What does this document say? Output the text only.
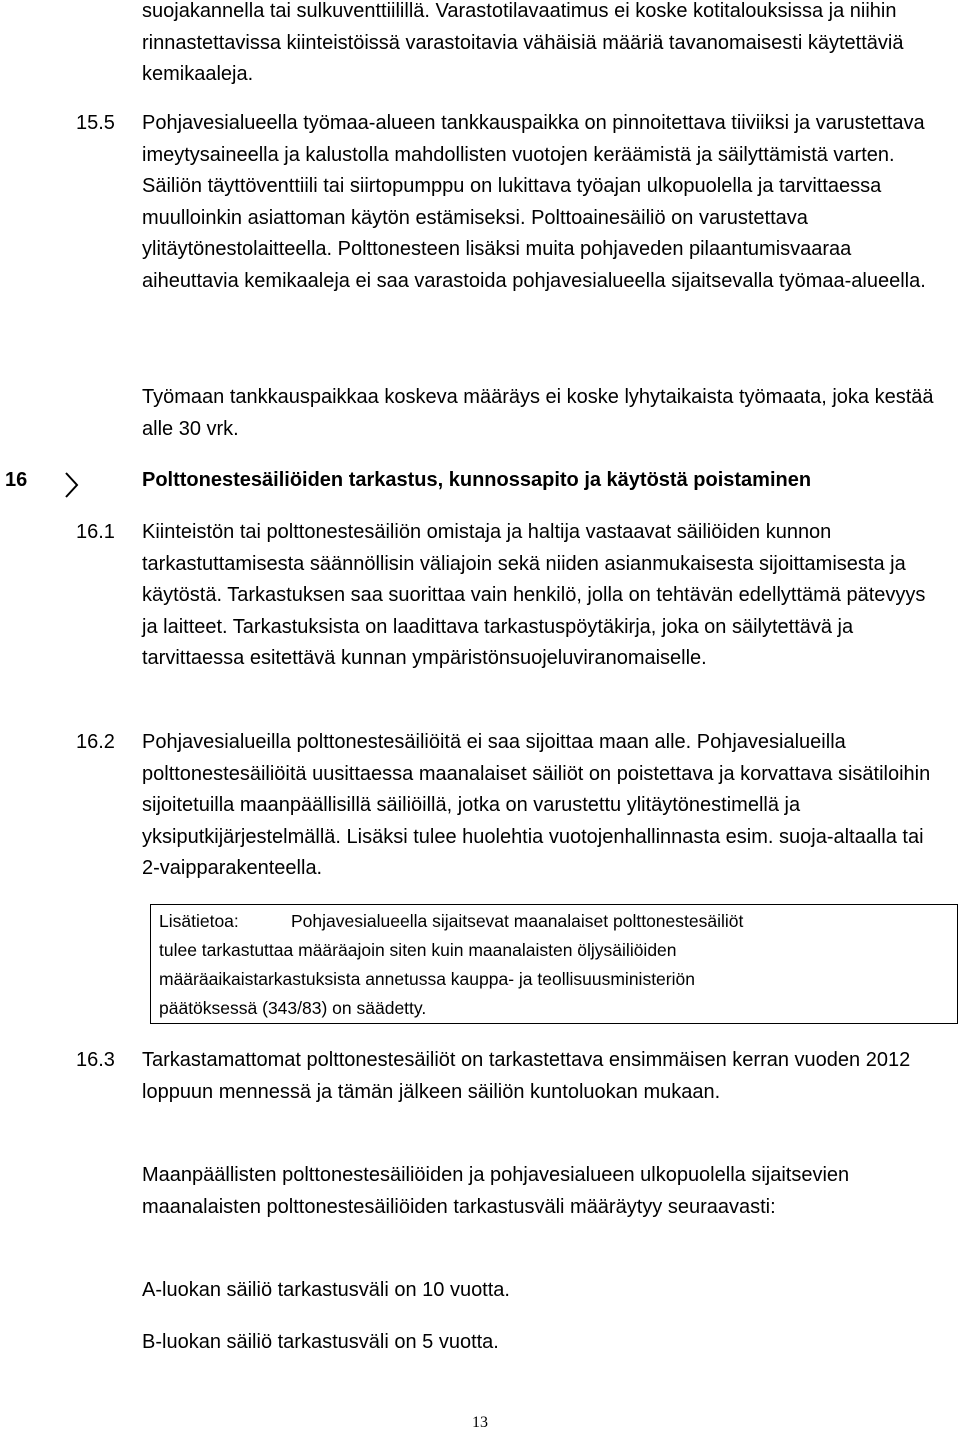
suojakannella tai sulkuventtiilillä. Varastotilavaatimus ei koske kotitalouksissa ja niihin rinnastettavissa kiinteistöissä varastoitavia vähäisiä määriä tavanomaisesti käytettäviä kemikaaleja.

15.5 Pohjavesialueella työmaa-alueen tankkauspaikka on pinnoitettava tiiviiksi ja varustettava imeytysaineella ja kalustolla mahdollisten vuotojen keräämistä ja säilyttämistä varten. Säiliön täyttöventtiili tai siirtopumppu on lukittava työajan ulkopuolella ja tarvittaessa muulloinkin asiattoman käytön estämiseksi. Polttoainesäiliö on varustettava ylitäytönestolaitteella. Polttonesteen lisäksi muita pohjaveden pilaantumisvaaraa aiheuttavia kemikaaleja ei saa varastoida pohjavesialueella sijaitsevalla työmaa-alueella.

Työmaan tankkauspaikkaa koskeva määräys ei koske lyhytaikaista työmaata, joka kestää alle 30 vrk.

16	Polttonestesäiliöiden tarkastus, kunnossapito ja käytöstä poistaminen

16.1 Kiinteistön tai polttonestesäiliön omistaja ja haltija vastaavat säiliöiden kunnon tarkastuttamisesta säännöllisin väliajoin sekä niiden asianmukaisesta sijoittamisesta ja käytöstä. Tarkastuksen saa suorittaa vain henkilö, jolla on tehtävän edellyttämä pätevyys ja laitteet. Tarkastuksista on laadittava tarkastuspöytäkirja, joka on säilytettävä ja tarvittaessa esitettävä kunnan ympäristönsuojeluviranomaiselle.

16.2 Pohjavesialueilla polttonestesäiliöitä ei saa sijoittaa maan alle. Pohjavesialueilla polttonestesäiliöitä uusittaessa maanalaiset säiliöt on poistettava ja korvattava sisätiloihin sijoitetuilla maanpäällisillä säiliöillä, jotka on varustettu ylitäytönestimellä ja yksiputkijärjestelmällä. Lisäksi tulee huolehtia vuotojenhallinnasta esim. suoja-altaalla tai 2-vaipparakenteella.

Lisätietoa:	Pohjavesialueella sijaitsevat maanalaiset polttonestesäiliöt
tulee tarkastuttaa määräajoin siten kuin maanalaisten öljysäiliöiden
määräaikaistarkastuksista annetussa kauppa- ja teollisuusministeriön
päätöksessä (343/83) on säädetty.

16.3 Tarkastamattomat polttonestesäiliöt on tarkastettava ensimmäisen kerran vuoden 2012 loppuun mennessä ja tämän jälkeen säiliön kuntoluokan mukaan.

Maanpäällisten polttonestesäiliöiden ja pohjavesialueen ulkopuolella sijaitsevien maanalaisten polttonestesäiliöiden tarkastusväli määräytyy seuraavasti:

A-luokan säiliö tarkastusväli on 10 vuotta.

B-luokan säiliö tarkastusväli on 5 vuotta.

13
